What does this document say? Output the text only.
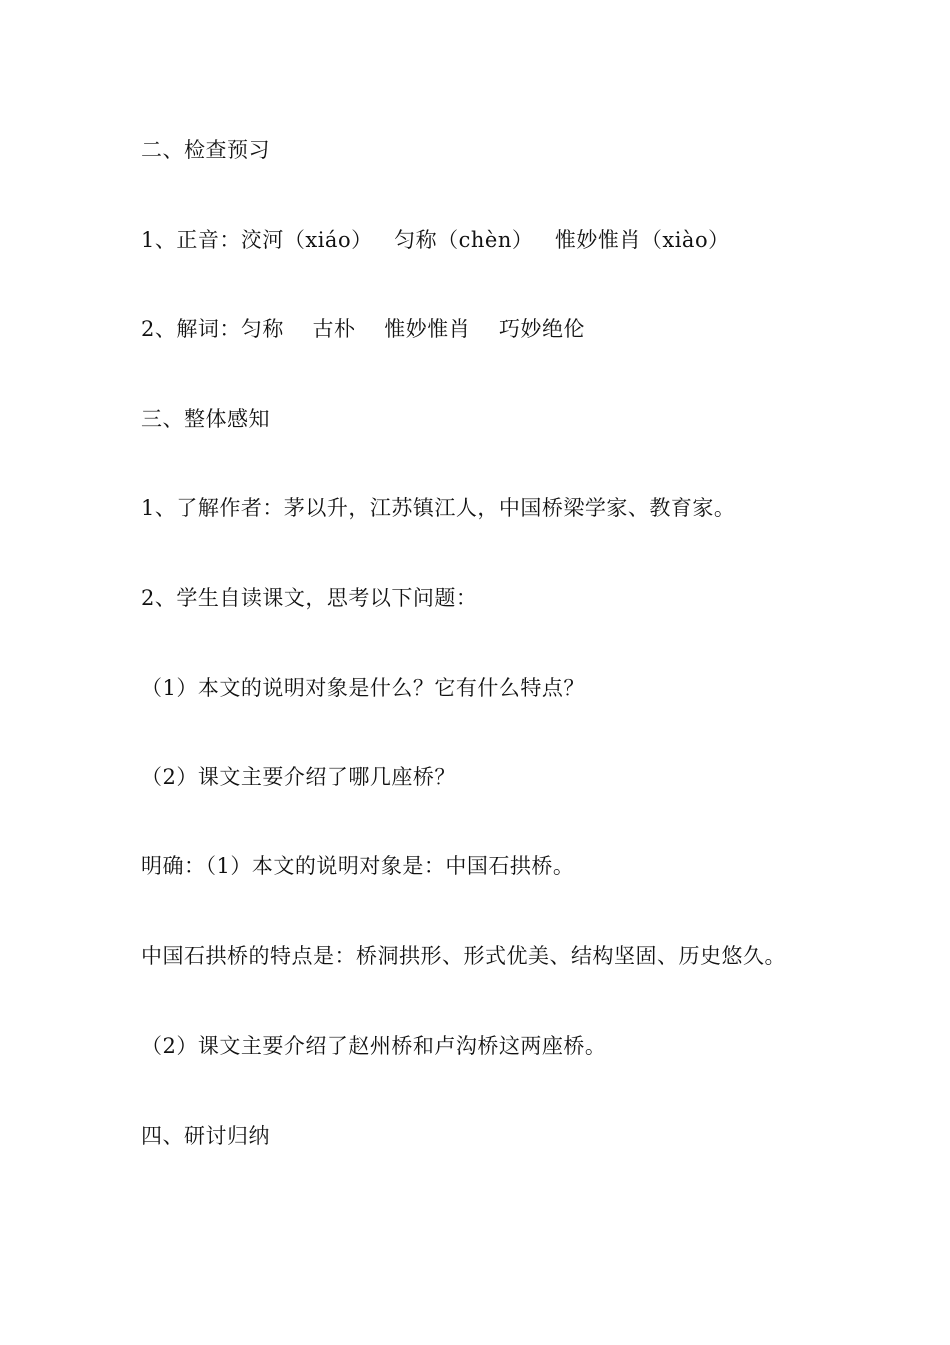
二、检查预习
1、正音：洨河（xiáo）   匀称（chèn）   惟妙惟肖（xiào）
2、解词：匀称    古朴    惟妙惟肖    巧妙绝伦
三、整体感知
1、了解作者：茅以升，江苏镇江人，中国桥梁学家、教育家。
2、学生自读课文，思考以下问题：
（1）本文的说明对象是什么？它有什么特点？
（2）课文主要介绍了哪几座桥？
明确：（1）本文的说明对象是：中国石拱桥。
中国石拱桥的特点是：桥洞拱形、形式优美、结构坚固、历史悠久。
（2）课文主要介绍了赵州桥和卢沟桥这两座桥。
四、研讨归纳
